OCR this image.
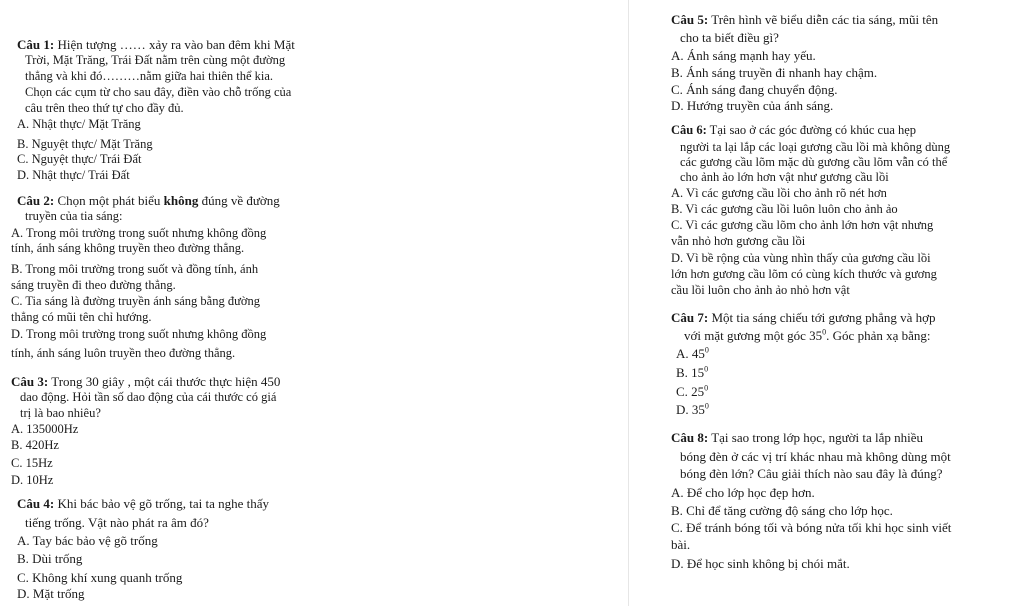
Câu 1: Hiện tượng …… xảy ra vào ban đêm khi Mặt
Trời, Mặt Trăng, Trái Đất nằm trên cùng một đường
thẳng và khi đó………nằm giữa hai thiên thể kia.
Chọn các cụm từ cho sau đây, điền vào chỗ trống của
câu trên theo thứ tự cho đầy đủ.
A. Nhật thực/ Mặt Trăng
B. Nguyệt thực/ Mặt Trăng
C. Nguyệt thực/ Trái Đất
D. Nhật thực/ Trái Đất
Câu 2: Chọn một phát biểu không đúng về đường
truyền của tia sáng:
A. Trong môi trường trong suốt nhưng không đồng
tính, ánh sáng không truyền theo đường thẳng.
B. Trong môi trường trong suốt và đồng tính, ánh
sáng truyền đi theo đường thẳng.
C. Tia sáng là đường truyền ánh sáng bằng đường
thẳng có mũi tên chỉ hướng.
D. Trong môi trường trong suốt nhưng không đồng
tính, ánh sáng luôn truyền theo đường thẳng.
Câu 3: Trong 30 giây , một cái thước thực hiện 450
dao động. Hỏi tần số dao động của cái thước có giá
trị là bao nhiêu?
A. 135000Hz
B. 420Hz
C. 15Hz
D. 10Hz
Câu 4: Khi bác bảo vệ gõ trống, tai ta nghe thấy
tiếng trống. Vật nào phát ra âm đó?
A. Tay bác bảo vệ gõ trống
B. Dùi trống
C. Không khí xung quanh trống
D. Mặt trống
Câu 5: Trên hình vẽ biểu diễn các tia sáng, mũi tên
cho ta biết điều gì?
A. Ánh sáng mạnh hay yếu.
B. Ánh sáng truyền đi nhanh hay chậm.
C. Ánh sáng đang chuyển động.
D. Hướng truyền của ánh sáng.
Câu 6: Tại sao ở các góc đường có khúc cua hẹp
người ta lại lắp các loại gương cầu lồi mà không dùng
các gương cầu lõm mặc dù gương cầu lõm vẫn có thể
cho ảnh ảo lớn hơn vật như gương cầu lồi
A. Vì các gương cầu lồi cho ảnh rõ nét hơn
B. Vì các gương cầu lồi luôn luôn cho ảnh ảo
C. Vì các gương cầu lõm cho ảnh lớn hơn vật nhưng
vẫn nhỏ hơn gương cầu lồi
D. Vì bề rộng của vùng nhìn thấy của gương cầu lồi
lớn hơn gương cầu lõm có cùng kích thước và gương
cầu lồi luôn cho ảnh ảo nhỏ hơn vật
Câu 7: Một tia sáng chiếu tới gương phẳng và hợp
với mặt gương một góc $35^0$. Góc phản xạ bằng:
A. $45^0$
B. $15^0$
C. $25^0$
D. $35^0$
Câu 8: Tại sao trong lớp học, người ta lắp nhiều
bóng đèn ở các vị trí khác nhau mà không dùng một
bóng đèn lớn? Câu giải thích nào sau đây là đúng?
A. Để cho lớp học đẹp hơn.
B. Chỉ để tăng cường độ sáng cho lớp học.
C. Để tránh bóng tối và bóng nửa tối khi học sinh viết
bài.
D. Để học sinh không bị chói mắt.
